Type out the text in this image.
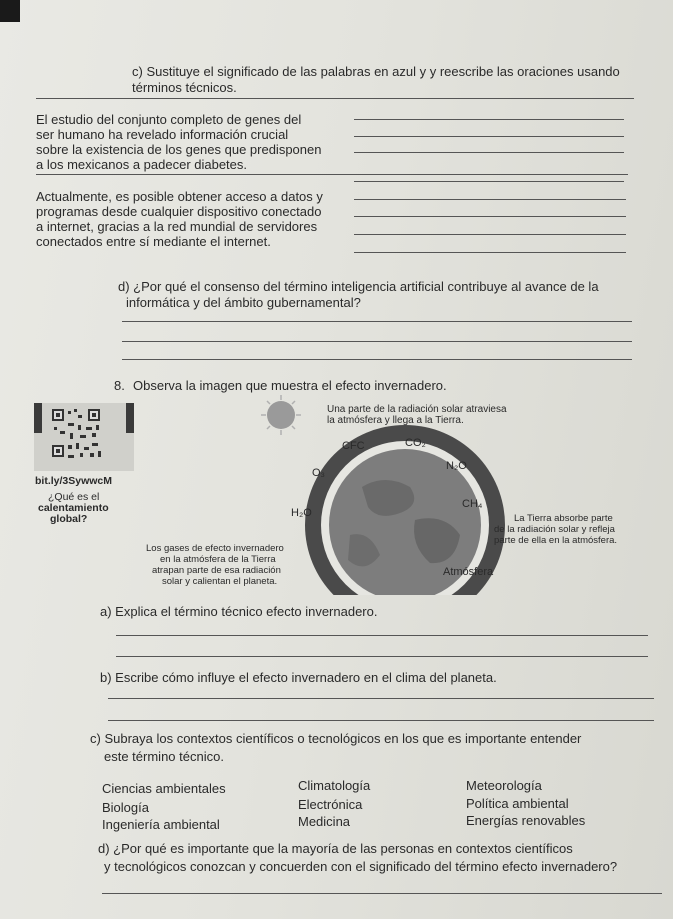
c) Sustituye el significado de las palabras en azul y y reescribe las oraciones usando
términos técnicos.
El estudio del conjunto completo de genes del
ser humano ha revelado información crucial
sobre la existencia de los genes que predisponen
a los mexicanos a padecer diabetes.
Actualmente, es posible obtener acceso a datos y
programas desde cualquier dispositivo conectado
a internet, gracias a la red mundial de servidores
conectados entre sí mediante el internet.
d) ¿Por qué el consenso del término inteligencia artificial contribuye al avance de la
informática y del ámbito gubernamental?
8. Observa la imagen que muestra el efecto invernadero.
bit.ly/3SywwcM
¿Qué es el
calentamiento
global?
Una parte de la radiación solar atraviesa
la atmósfera y llega a la Tierra.
CFC	CO₂
O₃
N₂O
CH₄
H₂O
Atmósfera
La Tierra absorbe parte
de la radiación solar y refleja
parte de ella en la atmósfera.
Los gases de efecto invernadero
en la atmósfera de la Tierra
atrapan parte de esa radiación
solar y calientan el planeta.
a) Explica el término técnico efecto invernadero.
b) Escribe cómo influye el efecto invernadero en el clima del planeta.
c) Subraya los contextos científicos o tecnológicos en los que es importante entender
este término técnico.
Ciencias ambientales	Climatología	Meteorología
Biología	Electrónica	Política ambiental
Ingeniería ambiental	Medicina	Energías renovables
d) ¿Por qué es importante que la mayoría de las personas en contextos científicos
y tecnológicos conozcan y concuerden con el significado del término efecto invernadero?
